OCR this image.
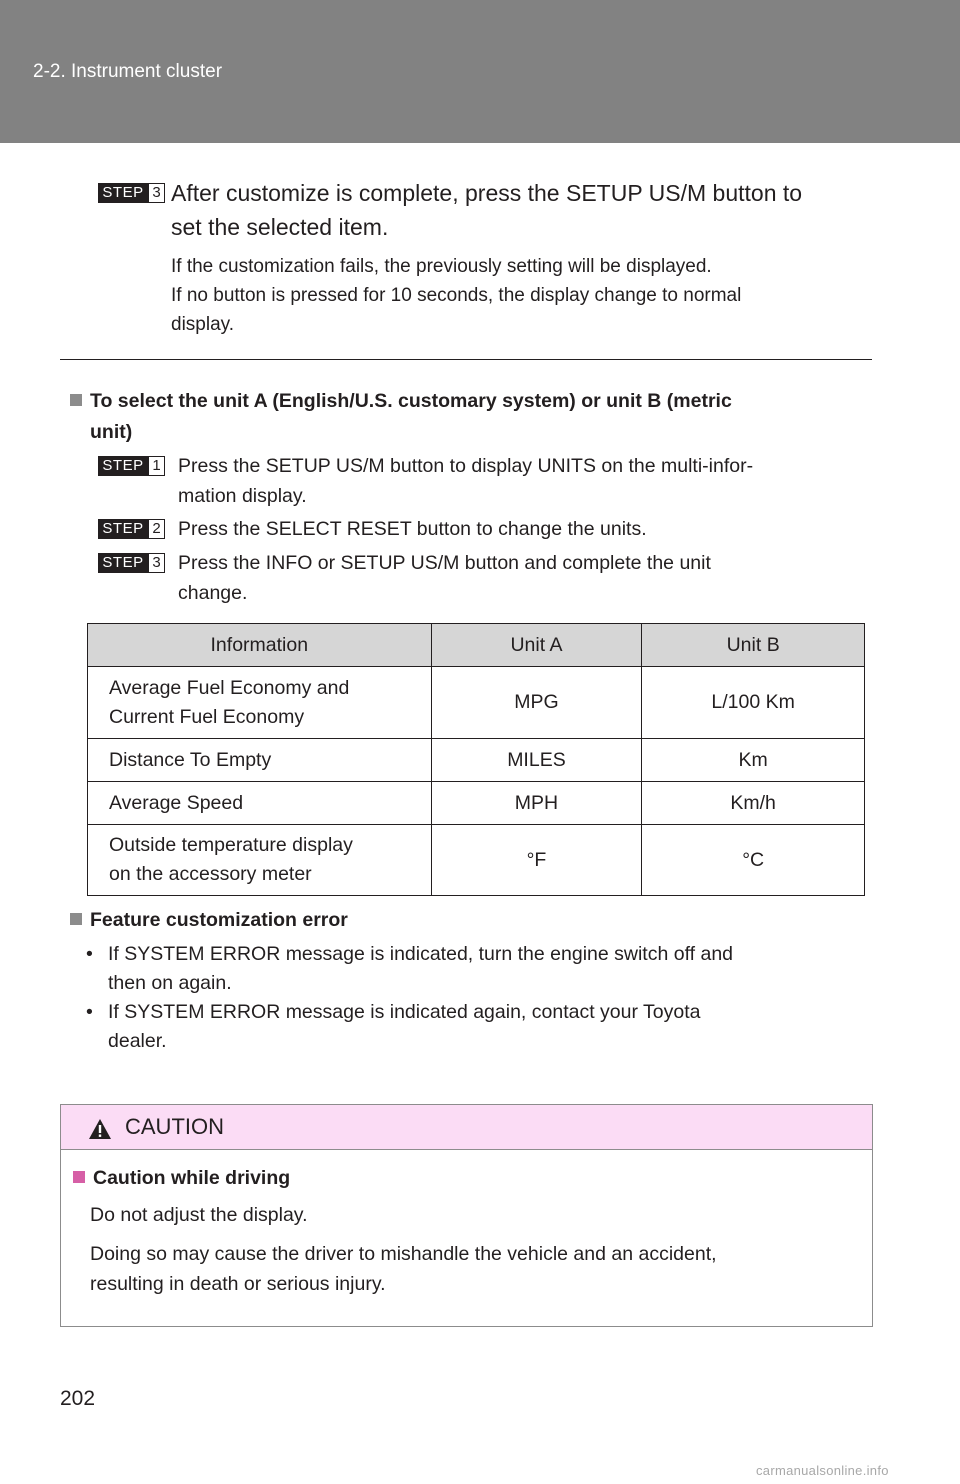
2-2. Instrument cluster
STEP 3 After customize is complete, press the SETUP US/M button to
set the selected item.
If the customization fails, the previously setting will be displayed.
If no button is pressed for 10 seconds, the display change to normal
display.
To select the unit A (English/U.S. customary system) or unit B (metric
unit)
STEP 1 Press the SETUP US/M button to display UNITS on the multi-infor-
mation display.
STEP 2 Press the SELECT RESET button to change the units.
STEP 3 Press the INFO or SETUP US/M button and complete the unit
change.
Information	Unit A	Unit B

Average Fuel Economy and
Current Fuel Economy	MPG	L/100 Km
Distance To Empty	MILES	Km
Average Speed	MPH	Km/h

Outside temperature display
on the accessory meter	°F	°C
Feature customization error
• If SYSTEM ERROR message is indicated, turn the engine switch off and
then on again.
• If SYSTEM ERROR message is indicated again, contact your Toyota
dealer.
CAUTION
Caution while driving
Do not adjust the display.
Doing so may cause the driver to mishandle the vehicle and an accident,
resulting in death or serious injury.
202
carmanualsonline.info
